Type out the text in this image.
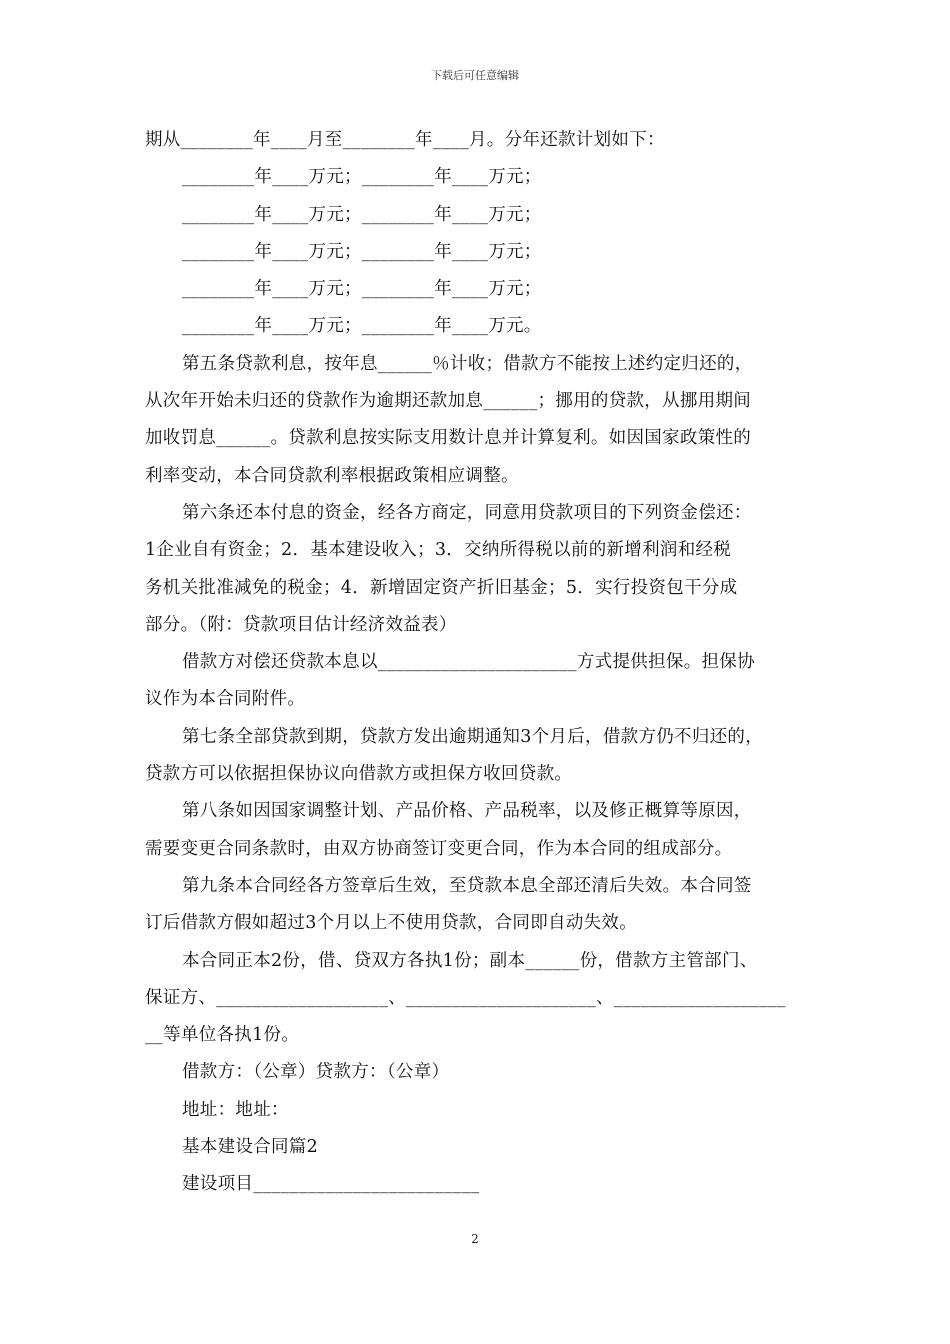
下载后可任意编辑

期从________年____月至________年____月。分年还款计划如下：

________年____万元；________年____万元；

________年____万元；________年____万元；

________年____万元；________年____万元；

________年____万元；________年____万元；

________年____万元；________年____万元。

第五条贷款利息，按年息______％计收；借款方不能按上述约定归还的，

从次年开始未归还的贷款作为逾期还款加息______；挪用的贷款，从挪用期间

加收罚息______。贷款利息按实际支用数计息并计算复利。如因国家政策性的

利率变动，本合同贷款利率根据政策相应调整。

第六条还本付息的资金，经各方商定，同意用贷款项目的下列资金偿还：

1企业自有资金；2．基本建设收入；3．交纳所得税以前的新增利润和经税

务机关批准减免的税金；4．新增固定资产折旧基金；5．实行投资包干分成

部分。（附：贷款项目估计经济效益表）

借款方对偿还贷款本息以______________________方式提供担保。担保协

议作为本合同附件。

第七条全部贷款到期，贷款方发出逾期通知3个月后，借款方仍不归还的，

贷款方可以依据担保协议向借款方或担保方收回贷款。

第八条如因国家调整计划、产品价格、产品税率，以及修正概算等原因，

需要变更合同条款时，由双方协商签订变更合同，作为本合同的组成部分。

第九条本合同经各方签章后生效，至贷款本息全部还清后失效。本合同签

订后借款方假如超过3个月以上不使用贷款，合同即自动失效。

本合同正本2份，借、贷双方各执1份；副本______份，借款方主管部门、

保证方、___________________、_____________________、___________________

__等单位各执1份。

借款方：（公章）贷款方：（公章）

地址：地址：

基本建设合同篇2

建设项目_________________________

2
